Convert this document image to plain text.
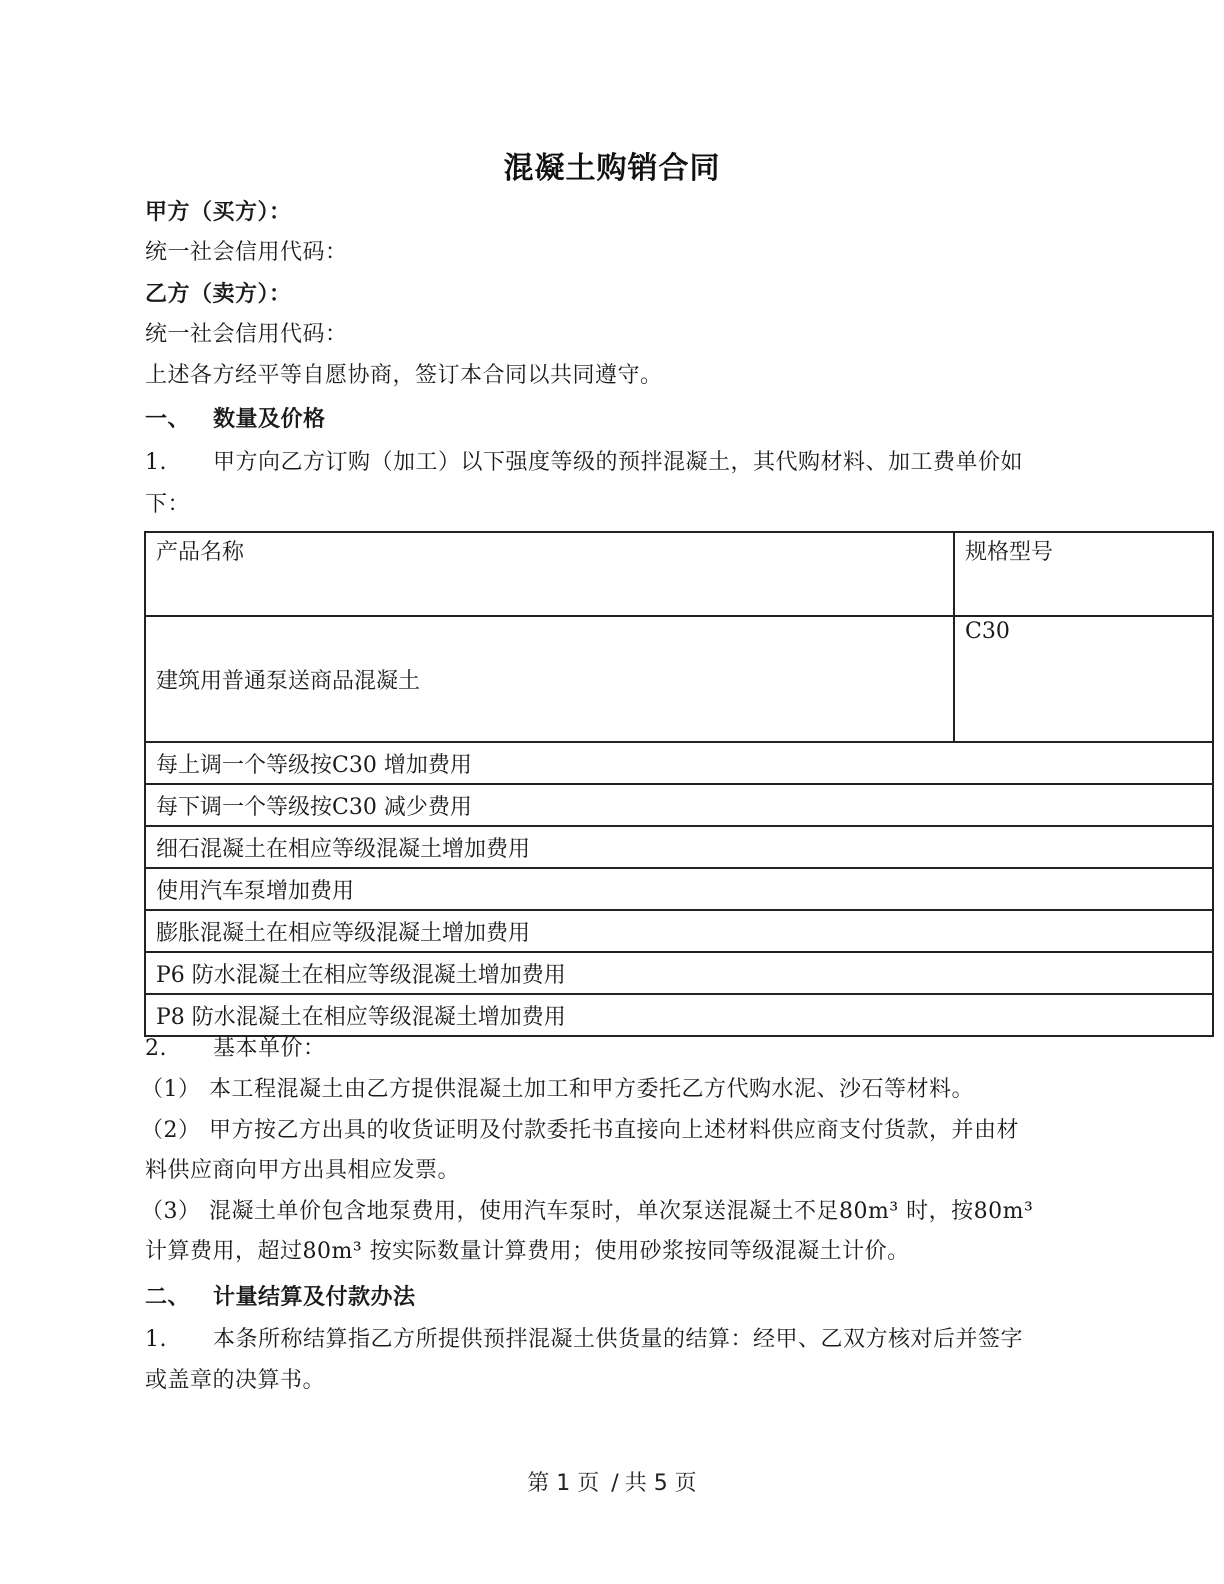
混凝土购销合同
甲方（买方）：
统一社会信用代码：
乙方（卖方）：
统一社会信用代码：
上述各方经平等自愿协商，签订本合同以共同遵守。
一、 数量及价格
1. 甲方向乙方订购（加工）以下强度等级的预拌混凝土，其代购材料、加工费单价如
下：
产品名称	规格型号
建筑用普通泵送商品混凝土	C30
每上调一个等级按C30 增加费用	
每下调一个等级按C30 减少费用	
细石混凝土在相应等级混凝土增加费用	
使用汽车泵增加费用	
膨胀混凝土在相应等级混凝土增加费用	
P6 防水混凝土在相应等级混凝土增加费用	
P8 防水混凝土在相应等级混凝土增加费用	
2. 基本单价：
（1） 本工程混凝土由乙方提供混凝土加工和甲方委托乙方代购水泥、沙石等材料。
（2） 甲方按乙方出具的收货证明及付款委托书直接向上述材料供应商支付货款，并由材
料供应商向甲方出具相应发票。
（3） 混凝土单价包含地泵费用，使用汽车泵时，单次泵送混凝土不足80m³ 时，按80m³
计算费用，超过80m³ 按实际数量计算费用；使用砂浆按同等级混凝土计价。
二、 计量结算及付款办法
1. 本条所称结算指乙方所提供预拌混凝土供货量的结算：经甲、乙双方核对后并签字
或盖章的决算书。
第 1 页 / 共 5 页
